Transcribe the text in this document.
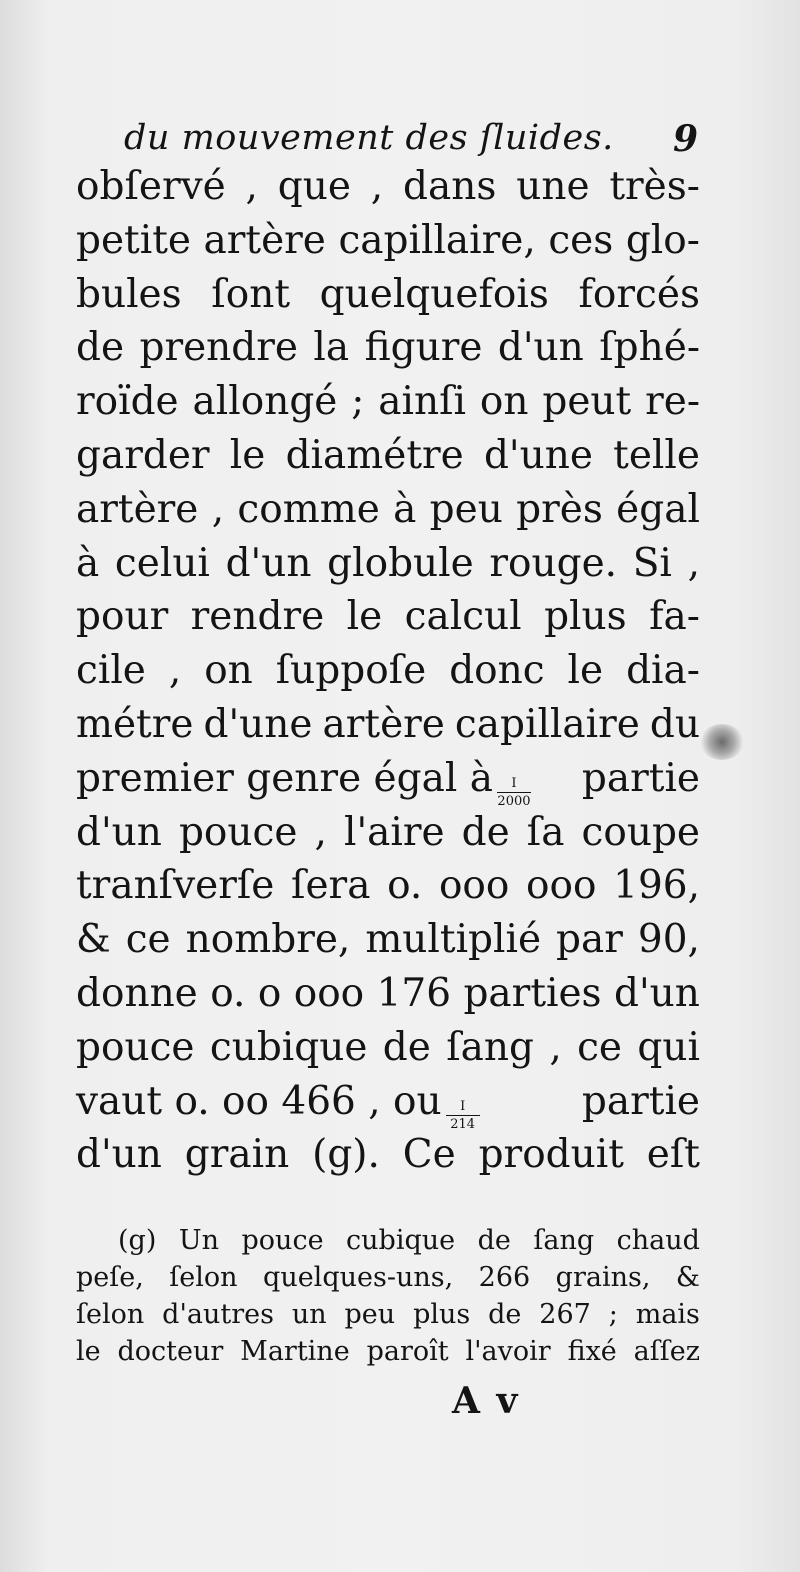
du mouvement des ſluides. 9
obſervé , que , dans une très-
petite artère capillaire, ces glo-
bules ſont quelquefois forcés
de prendre la figure d'un ſphé-
roïde allongé ; ainſi on peut re-
garder le diamétre d'une telle
artère , comme à peu près égal
à celui d'un globule rouge. Si ,
pour rendre le calcul plus fa-
cile , on ſuppoſe donc le dia-
métre d'une artère capillaire du
premier genre égal à $\frac{I}{2000}$ partie
d'un pouce , l'aire de ſa coupe
tranſverſe ſera o. ooo ooo 196,
& ce nombre, multiplié par 90,
donne o. o ooo 176 parties d'un
pouce cubique de ſang , ce qui
vaut o. oo 466 , ou $\frac{I}{214}$	partie
d'un grain (g). Ce produit eſt
(g) Un pouce cubique de ſang chaud
peſe, ſelon quelques-uns, 266 grains, &
ſelon d'autres un peu plus de 267 ; mais
le docteur Martine paroît l'avoir fixé aſſez
A v
